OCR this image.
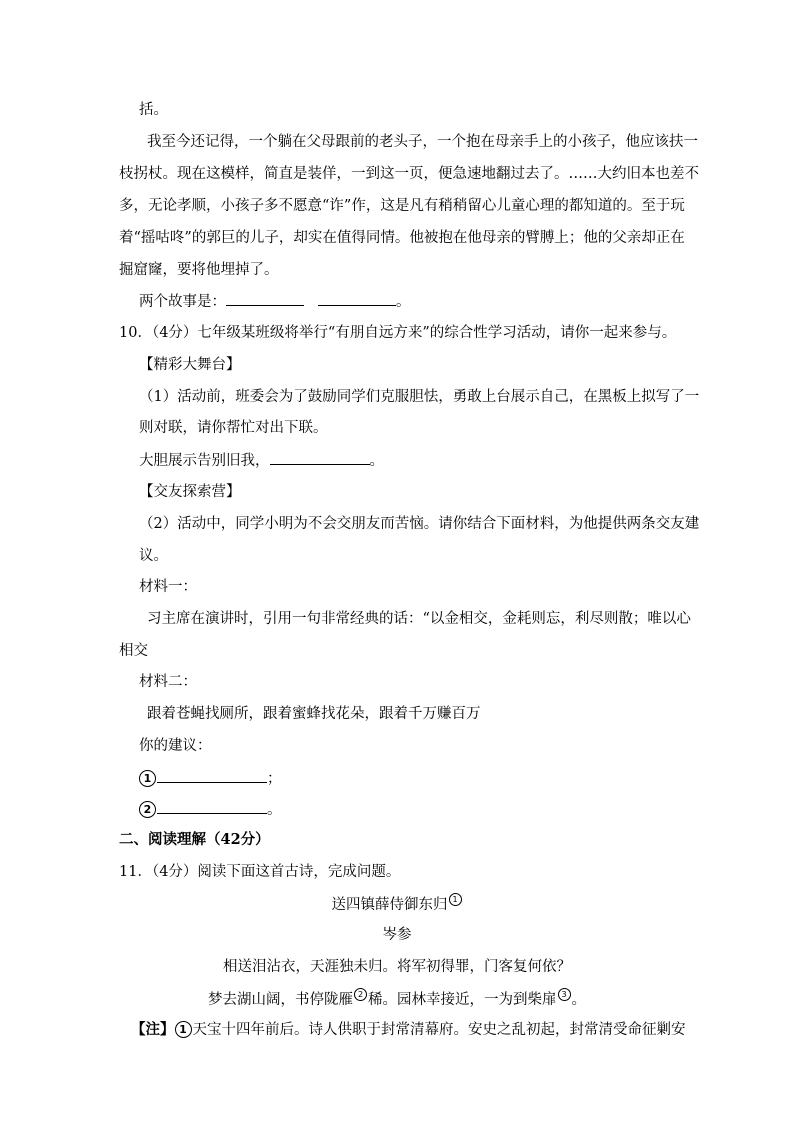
括。
我至今还记得，一个躺在父母跟前的老头子，一个抱在母亲手上的小孩子，他应该扶一
枝拐杖。现在这模样，简直是装佯，一到这一页，便急速地翻过去了。……大约旧本也差不
多，无论孝顺，小孩子多不愿意“诈”作，这是凡有稍稍留心儿童心理的都知道的。至于玩
着“摇咕咚”的郭巨的儿子，却实在值得同情。他被抱在他母亲的臂膊上；他的父亲却正在
掘窟窿，要将他埋掉了。
两个故事是：	。
10．（4分）七年级某班级将举行“有朋自远方来”的综合性学习活动，请你一起来参与。
【精彩大舞台】
（1）活动前，班委会为了鼓励同学们克服胆怯，勇敢上台展示自己，在黑板上拟写了一
则对联，请你帮忙对出下联。
大胆展示告别旧我，	。
【交友探索营】
（2）活动中，同学小明为不会交朋友而苦恼。请你结合下面材料，为他提供两条交友建
议。
材料一：
习主席在演讲时，引用一句非常经典的话：“以金相交，金耗则忘，利尽则散；唯以心
相交
材料二：
跟着苍蝇找厕所，跟着蜜蜂找花朵，跟着千万赚百万
你的建议：
1	；
2	。
二、阅读理解（42分）
11．（4分）阅读下面这首古诗，完成问题。
送四镇薛侍御东归 1
岑参
相送泪沾衣，天涯独未归。将军初得罪，门客复何依？
梦去湖山阔，书停陇雁 2 稀。园林幸接近，一为到柴扉 3 。
【注】 1 天宝十四年前后。诗人供职于封常清幕府。安史之乱初起，封常清受命征剿安
